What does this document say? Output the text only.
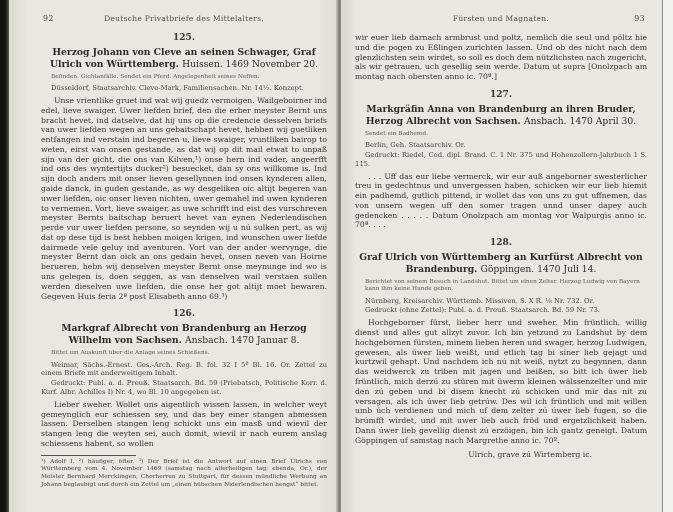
92	Deutsche Privatbriefe des Mittelalters.
125.
Herzog Johann von Cleve an seinen Schwager, Graf Ulrich von Württemberg. Huissen. 1469 November 20.
Befinden. Gichtanfälle. Sendet ein Pferd. Angelegenheit seines Neffen.
Düsseldorf, Staatsarchiv. Cleve-Mark, Familiensachen. Nr. 14½. Konzept.
Unse vrientlike gruet ind wat wij guedz vermoigen. Wailgeboirner ind edel, lieve swaiger. Uwer liefden brief, den die erber meyster Bernt uns bracht hevet, ind datselve, dat hij uns op die credencie desselven briefs van uwer liefden wegen an uns gebaitschapt hevet, hebben wij guetliken entfangen ind verstain ind begeren u, lieve swaiger, vruntliken bairop to weten, eirst van onsen gestande, as dat wij op dit mail etwat to unpaß sijn van der gicht, die ons van Kilven,¹) onse hern ind vader, angeerfft ind ons des wyntertijts ducker²) besuecket, dan sy ons willkome is. Ind sijn doch anders mit onser lieven gesellynnen ind onsen kynderen allen, gaide danck, in guden gestande, as wy desgeliken oic altijt begeren van uwer liefden, oic onser lieven nichten, uwer gemahel ind uwen kynderen to vernemen. Vort, lieve swaiger, as uwe schrifft ind eist des vurschreven meyster Bernts baitschap beruert hevet van eynen Nederlendischen perde vur uwer liefden persone, so seynden wij u nú sulken pert, as wij dat op dese tijd is best hebben moigen krigen, ind wunschen uwer liefde dairmede vele geluy ind aventuren. Vort van der ander wervynge, die meyster Bernt dan oick an ons gedain hevet, onsen neven van Hoirne berueren, hebn wij denselven meyster Bernt onse meynunge ind wo is uns gelegen is, doen seggen, as van denselven wail verstaen sullen werden dieselven uwe liefden, die onse her got altijt moet bewaren. Gegeven Huis feria 2ª post Elisabeth anno 69.³)
126.
Markgraf Albrecht von Brandenburg an Herzog Wilhelm von Sachsen. Ansbach. 1470 Januar 8.
Bittet um Auskunft über die Anlage seines Schießens.
Weimar, Sächs.-Ernest. Ges.-Arch. Reg. B. fol. 32 I 5ª Bl. 16. Or. Zettel zu einem Briefe mit anderweitigem Inhalt.
Gedruckt: Publ. a. d. Preuß. Staatsarch. Bd. 59 (Priebatsch, Politische Korr. d. Kurf. Albr. Achilles I) Nr. 4, wo Bl. 10 angegeben ist.
Lieber sweher. Wollet uns aigentlich wissen lassen, in welcher weyt gemeynglich eur schiessen sey, und das bey einer stangen abmessen lassen. Derselben stangen leng schickt uns ein masß und wievil der stangen leng die weyten sei, auch domit, wievil ir nach eurem anslag schiessens habent, so wollen
¹) Adolf I. ²) häufiger, öfter. ³) Der Brief ist die Antwort auf einen Brief Ulrichs von Württemberg vom 4. November 1469 (samstag nach allerheiligen tag; ebenda, Or.), der Meister Bernhard Mercklingen, Chorherren zu Stuttgart, für dessen mündliche Werbung an Johann beglaubigt und durch ein Zettel um „einen hübschen Niderlendischen hengst“ bittet.
Fürsten und Magnaten.	93
wir euer lieb darnach armbrust und poltz, nemlich die seul und pöltz hie und die pogen zu Eßlingen zurichten lassen. Und ob des nicht nach dem glenzlichsten sein wirdet, so soll es doch dem nützlichsten nach zugericht, als wir getrauen, uch gesellig sein werde. Datum ut supra [Onolzpach am montag nach obersten anno ic. 70ª.]
127.
Markgräfin Anna von Brandenburg an ihren Bruder, Herzog Albrecht von Sachsen. Ansbach. 1470 April 30.
Sendet ein Badhemd.
Berlin, Geh. Staatsarchiv. Or.
Gedruckt: Riedel, Cod. dipl. Brand. C. 1 Nr. 375 und Hohenzollern-Jahrbuch 1 S. 115.
. . . Uff das eur liebe vermerck, wir eur auß angeborner swesterlicher treu in gedechtnus und unvergessen haben, schicken wir eur lieb hiemit ein padhemd, gutlich pittend, ir wollet das von uns zu gut uffnemen, das von unsern wegen uff den somer tragen unnd unser dapey auch gedencken . . . . . Datum Onolzpach am montag vor Walpurgis anno ic. 70ª. . . .
128.
Graf Ulrich von Württemberg an Kurfürst Albrecht von Brandenburg. Göppingen. 1470 Juli 14.
Berichtet von seinem Besuch in Landshut. Bittet um einen Zelter. Herzog Ludwig von Bayern kann ihm keine Hunde geben.
Nürnberg, Kreisarchiv. Württemb. Missiven. S. X R. ⅛ Nr. 732. Or.
Gedruckt (ohne Zettel): Publ. a. d. Preuß. Staatsarch. Bd. 59 Nr. 73.
Hochgeborner fürst, lieber herr und sweher. Min früntlich, willig dienst und alles gut allzyt zuvor. Ich bin yetzund zu Landshut by dem hochgebornen fürsten, minem lieben heren und swager, herzog Ludwigen, gewesen, als üwer lieb weißt, und etlich tag bi siner lieb gejagt und kurtzwil gehapt. Und nachdem ich nú nit weiß, nytzt zu begynnen, dann das weidwerck zu triben mit jagen und beißen, so bitt ich üwer lieb früntlich, mich derzú zu stüren mit üwerm kleinen wälssenzelter und mir den zú geben und bi disem knecht zú schicken und mir das nit zu versagen, als ich úwer lieb getrúw. Des wil ich früntlich und mit willen umb úch verdienen und mich uf dem zelter zú úwer lieb fugen, so die brúmfft wirdet, und mit uwer lieb auch fröd und ergetzlichkeit haben. Dann úwer lieb gevellig dienst zú erzöigen, bin ich gantz geneigt. Datum Göppingen uf samstag nach Margrethe anno ic. 70º.
Ulrich, grave zú Wirtemberg ic.
